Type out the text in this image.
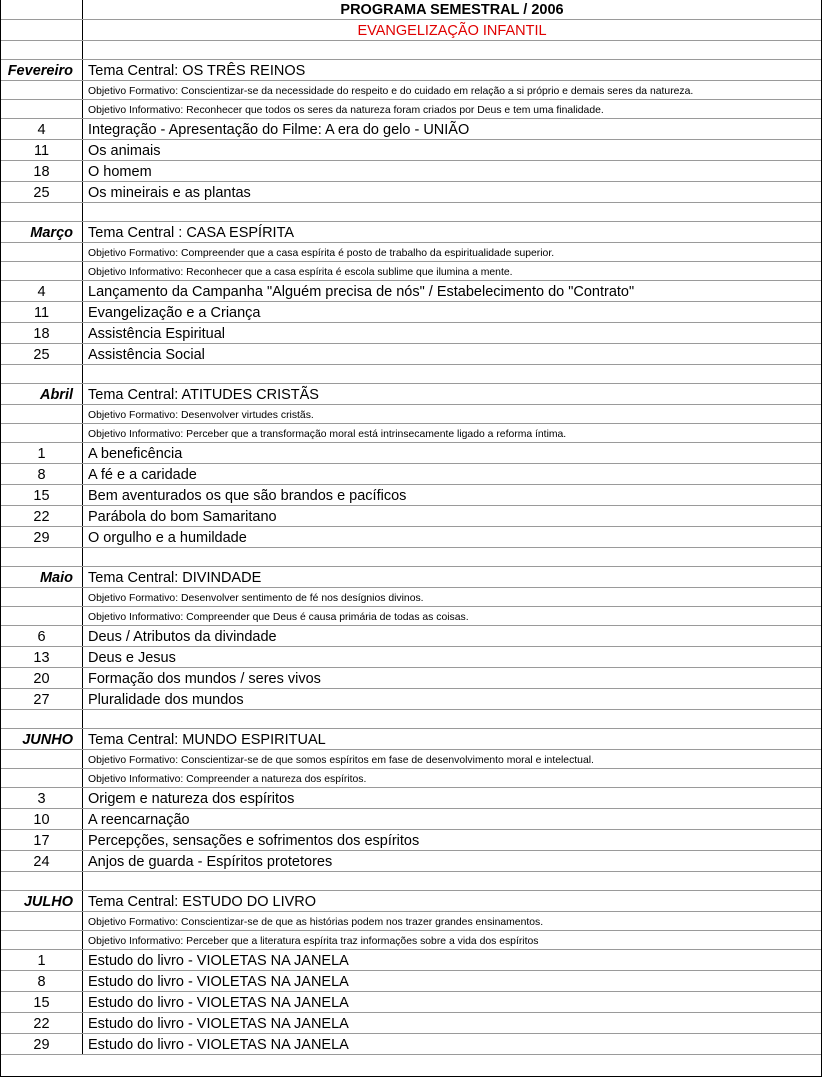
PROGRAMA SEMESTRAL / 2006
EVANGELIZAÇÃO INFANTIL
Fevereiro Tema Central: OS TRÊS REINOS
Objetivo Formativo: Conscientizar-se da necessidade do respeito e do cuidado em relação a si próprio e demais seres da natureza.
Objetivo Informativo: Reconhecer que todos os seres da natureza foram criados por Deus e tem uma finalidade.
4	Integração - Apresentação do Filme: A era do gelo - UNIÃO
11	Os animais
18	O homem
25	Os mineirais e as plantas
Março Tema Central : CASA ESPÍRITA
Objetivo Formativo: Compreender que a casa espírita é posto de trabalho da espiritualidade superior.
Objetivo Informativo: Reconhecer que a casa espírita é escola sublime que ilumina a mente.
4	Lançamento da Campanha "Alguém precisa de nós" / Estabelecimento do "Contrato"
11	Evangelização e a Criança
18	Assistência Espiritual
25	Assistência Social
Abril Tema Central: ATITUDES CRISTÃS
Objetivo Formativo: Desenvolver virtudes cristãs.
Objetivo Informativo: Perceber que a transformação moral está intrinsecamente ligado a reforma íntima.
1	A beneficência
8	A fé e a caridade
15	Bem aventurados os que são brandos e pacíficos
22	Parábola do bom Samaritano
29	O orgulho e a humildade
Maio Tema Central: DIVINDADE
Objetivo Formativo: Desenvolver sentimento de fé nos desígnios divinos.
Objetivo Informativo: Compreender que Deus é causa primária de todas as coisas.
6	Deus / Atributos da divindade
13	Deus e Jesus
20	Formação dos mundos / seres vivos
27	Pluralidade dos mundos
JUNHO Tema Central: MUNDO ESPIRITUAL
Objetivo Formativo: Conscientizar-se de que somos espíritos em fase de desenvolvimento moral e intelectual.
Objetivo Informativo: Compreender a natureza dos espíritos.
3	Origem e natureza dos espíritos
10	A reencarnação
17	Percepções, sensações e sofrimentos dos espíritos
24	Anjos de guarda - Espíritos protetores
JULHO Tema Central: ESTUDO DO LIVRO
Objetivo Formativo: Conscientizar-se de que as histórias podem nos trazer grandes ensinamentos.
Objetivo Informativo: Perceber que a literatura espírita traz informações sobre a vida dos espíritos
1	Estudo do livro - VIOLETAS NA JANELA
8	Estudo do livro - VIOLETAS NA JANELA
15	Estudo do livro - VIOLETAS NA JANELA
22	Estudo do livro - VIOLETAS NA JANELA
29	Estudo do livro - VIOLETAS NA JANELA
